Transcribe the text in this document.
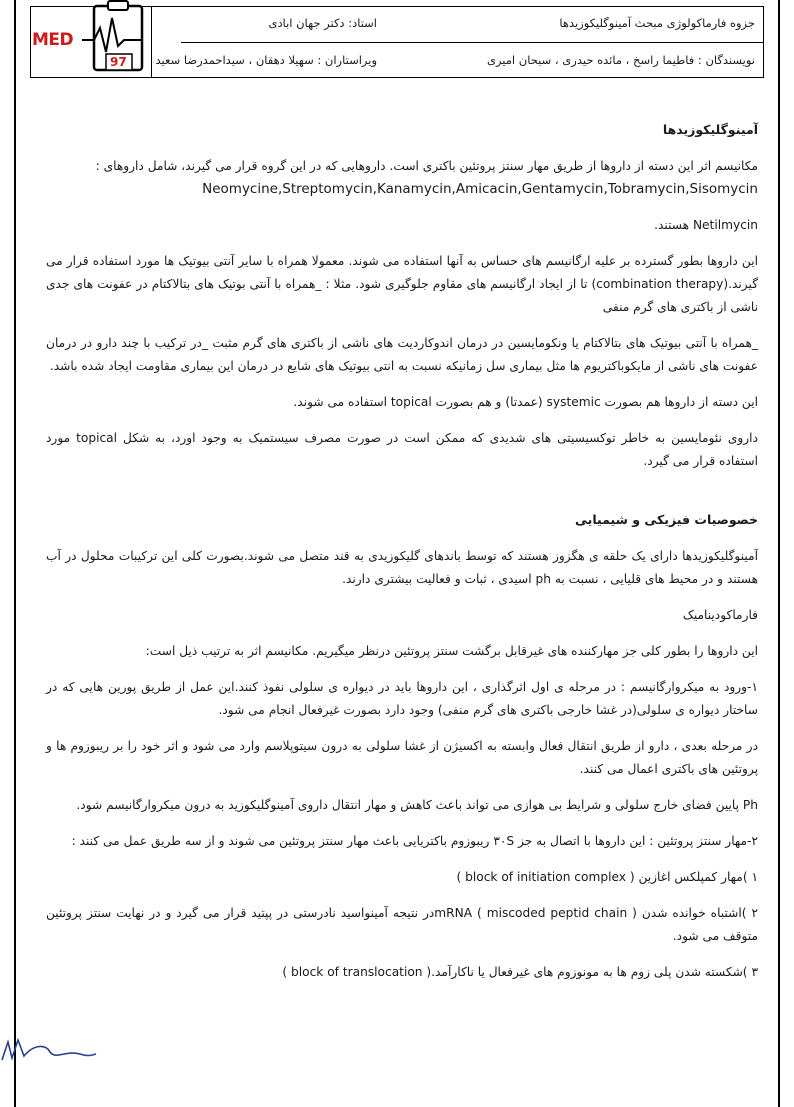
جزوه فارماکولوژی مبحث آمینوگلیکوزیدها
استاد: دکتر جهان ابادی
نویسندگان : فاطیما راسخ ، مائده حیدری ، سبحان امیری
ویراستاران : سهیلا دهقان ، سیداحمدرضا سعید
MED
97
آمینوگلیکوزیدها

مکانیسم اثر این دسته از داروها از طریق مهار سنتز پروتئین باکتری است. داروهایی که در این گروه قرار می گیرند، شامل داروهای :

Neomycine,Streptomycin,Kanamycin,Amicacin,Gentamycin,Tobramycin,Sisomycin

Netilmycin هستند.

این داروها بطور گسترده بر علیه ارگانیسم های حساس به آنها استفاده می شوند. معمولا همراه با سایر آنتی بیوتیک ها مورد استفاده قرار می گیرند.(combination therapy) تا از ایجاد ارگانیسم های مقاوم جلوگیری شود. مثلا : _همراه با آنتی بوتیک های بتالاکتام در عفونت های جدی ناشی از باکتری های گرم منفی

_همراه با آنتی بیوتیک های بتالاکتام یا ونکومایسین در درمان اندوکاردیت های ناشی از باکتری های گرم مثبت _در ترکیب با چند دارو در درمان عفونت های ناشی از مایکوباکتریوم ها مثل بیماری سل زمانیکه نسبت به انتی بیوتیک های شایع در درمان این بیماری مقاومت ایجاد شده باشد.

این دسته از داروها هم بصورت systemic (عمدتا) و هم بصورت topical استفاده می شوند.

داروی نئومایسین به خاطر توکسیسیتی های شدیدی که ممکن است در صورت مصرف سیستمیک به وجود اورد، به شکل topical مورد استفاده قرار می گیرد.

خصوصیات فیزیکی و شیمیایی

آمینوگلیکوزیدها دارای یک حلقه ی هگزوز هستند که توسط باندهای گلیکوزیدی به قند متصل می شوند.بصورت کلی این ترکیبات محلول در آب هستند و در محیط های قلیایی ، نسبت به ph اسیدی ، ثبات و فعالیت بیشتری دارند.

فارماکودینامیک

این داروها را بطور کلی جز مهارکننده های غیرقابل برگشت سنتز پروتئین درنظر میگیریم. مکانیسم اثر به ترتیب ذیل است:

۱-ورود به میکروارگانیسم : در مرحله ی اول اثرگذاری ، این داروها باید در دیواره ی سلولی نفوذ کنند.این عمل از طریق پورین هایی که در ساختار دیواره ی سلولی(در غشا خارجی باکتری های گرم منفی) وجود دارد بصورت غیرفعال انجام می شود.

در مرحله بعدی ، دارو از طریق انتقال فعال وابسته به اکسیژن از غشا سلولی به درون سیتوپلاسم وارد می شود و اثر خود را بر ریبوزوم ها و پروتئین های باکتری اعمال می کنند.

Ph پایین فضای خارج سلولی و شرایط بی هوازی می تواند باعث کاهش و مهار انتقال داروی آمینوگلیکوزید به درون میکروارگانیسم شود.

۲-مهار سنتز پروتئین : این داروها با اتصال به جز ۳۰S ریبوزوم باکتریایی باعث مهار سنتز پروتئین می شوند و از سه طریق عمل می کنند :

۱ )مهار کمپلکس اغازین ( block of initiation complex )

۲ )اشتباه خوانده شدن mRNA ( miscoded peptid chain )در نتیجه آمینواسید نادرستی در پپتید قرار می گیرد و در نهایت سنتز پروتئین متوقف می شود.

۳ )شکسته شدن پلی زوم ها به مونوزوم های غیرفعال یا ناکارآمد.( block of translocation )
